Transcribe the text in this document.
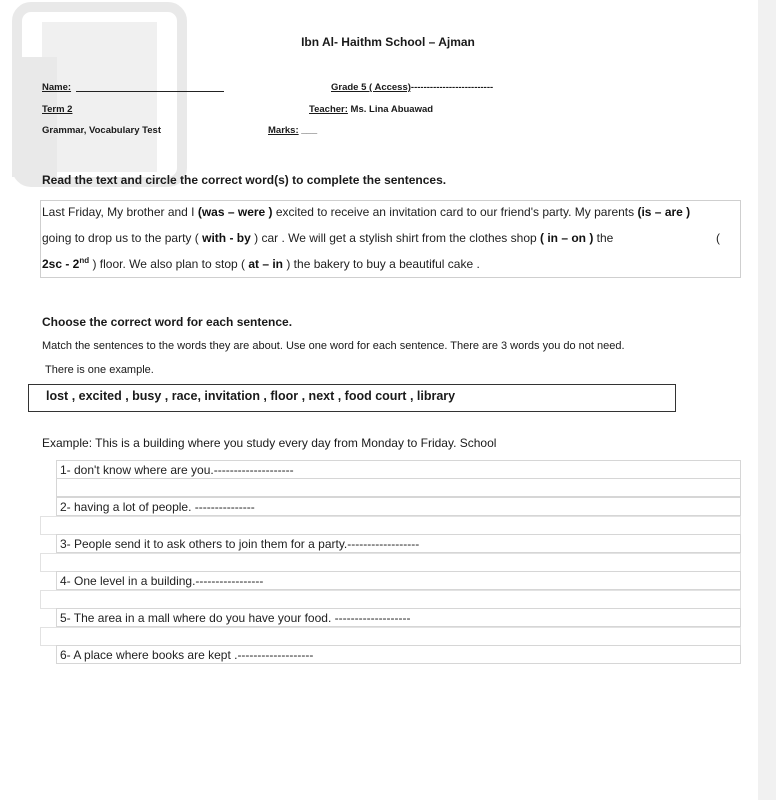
Ibn Al- Haithm School – Ajman
Name:	Grade 5 ( Access)--------------------------
Term 2	Teacher: Ms. Lina Abuawad
Grammar, Vocabulary Test	Marks: ___
Read the text and circle the correct word(s) to complete the sentences.
Last Friday, My brother and I (was – were ) excited to receive an invitation card to our friend's party. My parents (is – are )
going to drop us to the party ( with - by ) car . We will get a stylish shirt from the clothes shop ( in – on ) the	(
2sc - 2nd ) floor. We also plan to stop ( at – in ) the bakery to buy a beautiful cake .
Choose the correct word for each sentence.
Match the sentences to the words they are about. Use one word for each sentence. There are 3 words you do not need.
There is one example.
lost , excited , busy , race, invitation , floor , next , food court , library
Example: This is a building where you study every day from Monday to Friday. School
1- don't know where are you.--------------------
2- having a lot of people. ---------------
3- People send it to ask others to join them for a party.------------------
4- One level in a building.-----------------
5- The area in a mall where do you have your food. -------------------
6- A place where books are kept .-------------------
